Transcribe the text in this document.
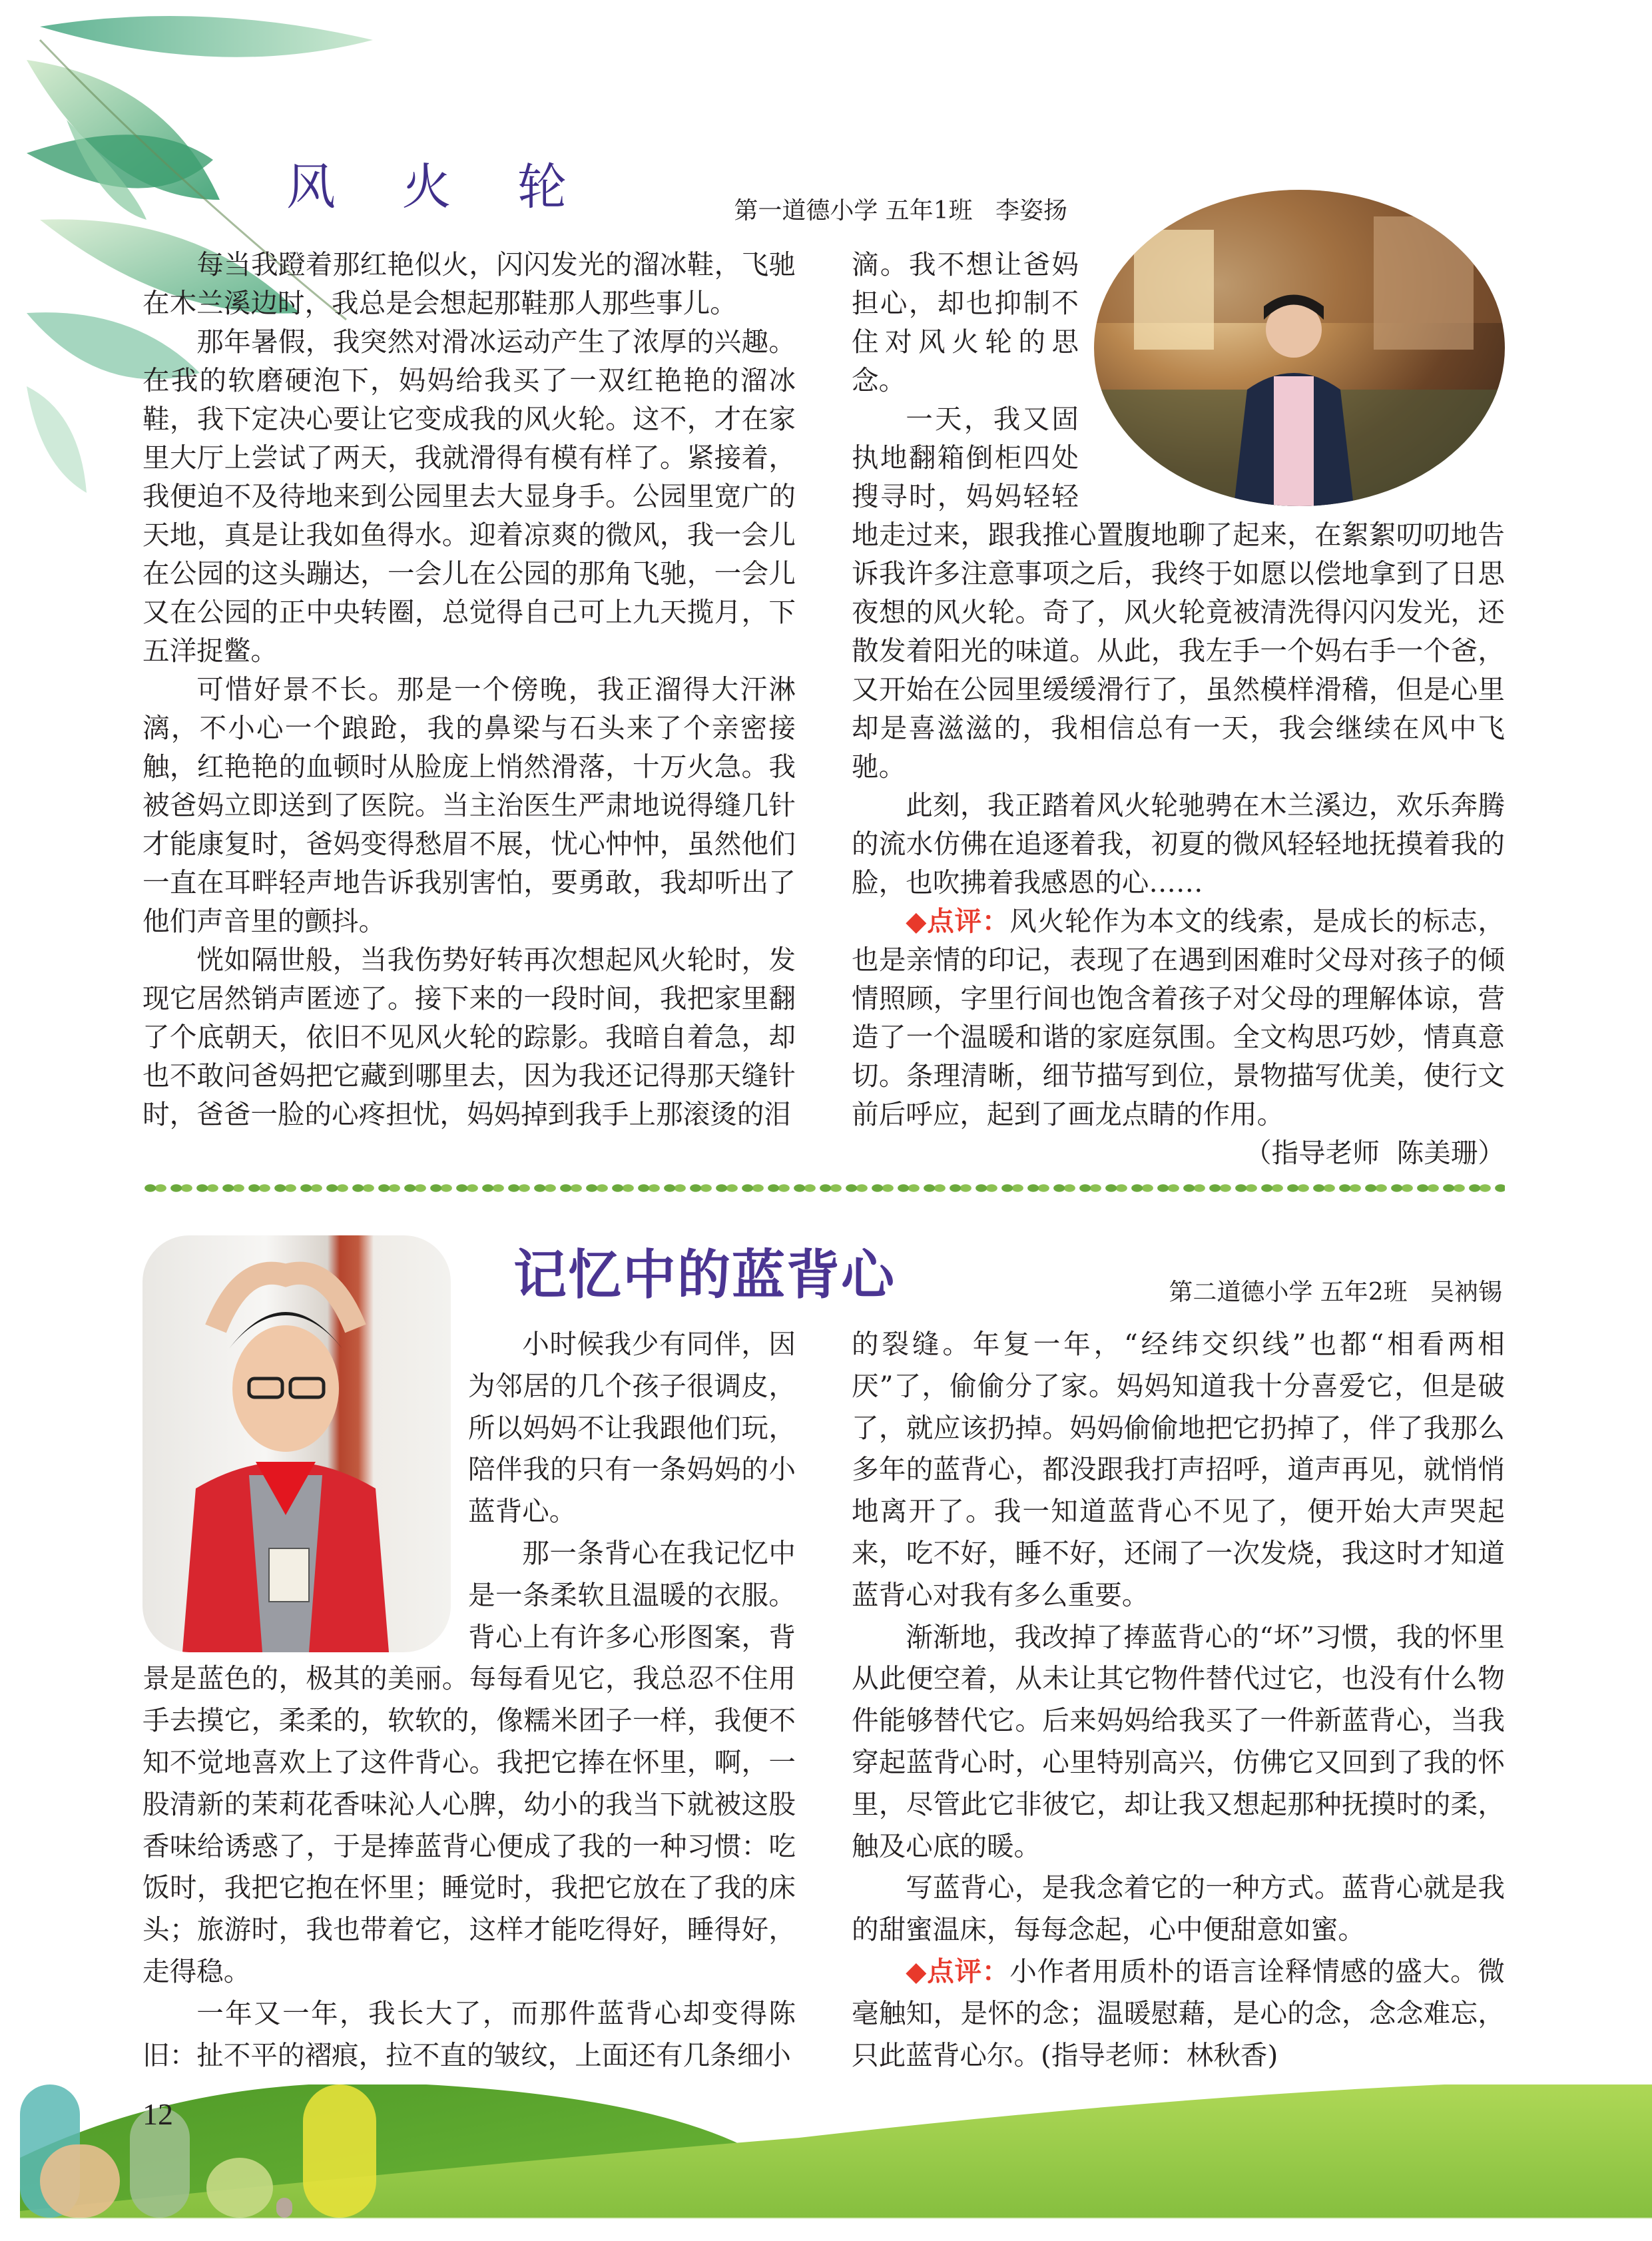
风 火 轮	第一道德小学 五年1班   李姿扬

每当我蹬着那红艳似火，闪闪发光的溜冰鞋，飞驰在木兰溪边时，我总是会想起那鞋那人那些事儿。

那年暑假，我突然对滑冰运动产生了浓厚的兴趣。在我的软磨硬泡下，妈妈给我买了一双红艳艳的溜冰鞋，我下定决心要让它变成我的风火轮。这不，才在家里大厅上尝试了两天，我就滑得有模有样了。紧接着，我便迫不及待地来到公园里去大显身手。公园里宽广的天地，真是让我如鱼得水。迎着凉爽的微风，我一会儿在公园的这头蹦达，一会儿在公园的那角飞驰，一会儿又在公园的正中央转圈，总觉得自己可上九天揽月，下五洋捉鳖。

可惜好景不长。那是一个傍晚，我正溜得大汗淋漓，不小心一个踉跄，我的鼻梁与石头来了个亲密接触，红艳艳的血顿时从脸庞上悄然滑落，十万火急。我被爸妈立即送到了医院。当主治医生严肃地说得缝几针才能康复时，爸妈变得愁眉不展，忧心忡忡，虽然他们一直在耳畔轻声地告诉我别害怕，要勇敢，我却听出了他们声音里的颤抖。

恍如隔世般，当我伤势好转再次想起风火轮时，发现它居然销声匿迹了。接下来的一段时间，我把家里翻了个底朝天，依旧不见风火轮的踪影。我暗自着急，却也不敢问爸妈把它藏到哪里去，因为我还记得那天缝针时，爸爸一脸的心疼担忧，妈妈掉到我手上那滚烫的泪

滴。我不想让爸妈担心，却也抑制不住对风火轮的思念。

一天，我又固执地翻箱倒柜四处搜寻时，妈妈轻轻地走过来，跟我推心置腹地聊了起来，在絮絮叨叨地告诉我许多注意事项之后，我终于如愿以偿地拿到了日思夜想的风火轮。奇了，风火轮竟被清洗得闪闪发光，还散发着阳光的味道。从此，我左手一个妈右手一个爸，又开始在公园里缓缓滑行了，虽然模样滑稽，但是心里却是喜滋滋的，我相信总有一天，我会继续在风中飞驰。

此刻，我正踏着风火轮驰骋在木兰溪边，欢乐奔腾的流水仿佛在追逐着我，初夏的微风轻轻地抚摸着我的脸，也吹拂着我感恩的心……

◆点评：风火轮作为本文的线索，是成长的标志，也是亲情的印记，表现了在遇到困难时父母对孩子的倾情照顾，字里行间也饱含着孩子对父母的理解体谅，营造了一个温暖和谐的家庭氛围。全文构思巧妙，情真意切。条理清晰，细节描写到位，景物描写优美，使行文前后呼应，起到了画龙点睛的作用。

（指导老师  陈美珊）
记忆中的蓝背心	第二道德小学 五年2班   吴衲锡

小时候我少有同伴，因为邻居的几个孩子很调皮，所以妈妈不让我跟他们玩，陪伴我的只有一条妈妈的小蓝背心。

那一条背心在我记忆中是一条柔软且温暖的衣服。背心上有许多心形图案，背景是蓝色的，极其的美丽。每每看见它，我总忍不住用手去摸它，柔柔的，软软的，像糯米团子一样，我便不知不觉地喜欢上了这件背心。我把它捧在怀里，啊，一股清新的茉莉花香味沁人心脾，幼小的我当下就被这股香味给诱惑了，于是捧蓝背心便成了我的一种习惯：吃饭时，我把它抱在怀里；睡觉时，我把它放在了我的床头；旅游时，我也带着它，这样才能吃得好，睡得好，走得稳。

一年又一年，我长大了，而那件蓝背心却变得陈旧：扯不平的褶痕，拉不直的皱纹，上面还有几条细小

的裂缝。年复一年，“经纬交织线”也都“相看两相厌”了，偷偷分了家。妈妈知道我十分喜爱它，但是破了，就应该扔掉。妈妈偷偷地把它扔掉了，伴了我那么多年的蓝背心，都没跟我打声招呼，道声再见，就悄悄地离开了。我一知道蓝背心不见了，便开始大声哭起来，吃不好，睡不好，还闹了一次发烧，我这时才知道蓝背心对我有多么重要。

渐渐地，我改掉了捧蓝背心的“坏”习惯，我的怀里从此便空着，从未让其它物件替代过它，也没有什么物件能够替代它。后来妈妈给我买了一件新蓝背心，当我穿起蓝背心时，心里特别高兴，仿佛它又回到了我的怀里，尽管此它非彼它，却让我又想起那种抚摸时的柔，触及心底的暖。

写蓝背心，是我念着它的一种方式。蓝背心就是我的甜蜜温床，每每念起，心中便甜意如蜜。

◆点评：小作者用质朴的语言诠释情感的盛大。微毫触知，是怀的念；温暖慰藉，是心的念，念念难忘，只此蓝背心尔。(指导老师：林秋香)

12
